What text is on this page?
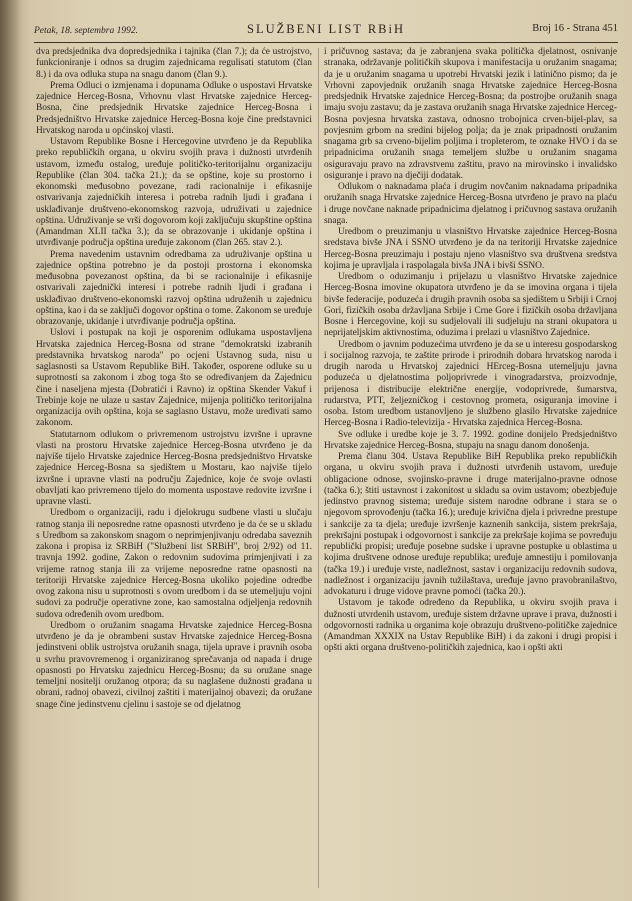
Petak, 18. septembra 1992.	SLUŽBENI LIST RBiH	Broj 16 - Strana 451

dva predsjednika dva dopredsjednika i tajnika (član 7.); da će ustrojstvo, funkcioniranje i odnos sa drugim zajednicama regulisati statutom (član 8.) i da ova odluka stupa na snagu danom (član 9.).

Prema Odluci o izmjenama i dopunama Odluke o uspostavi Hrvatske zajednice Herceg-Bosna, Vrhovnu vlast Hrvatske zajednice Herceg-Bosna, čine predsjednik Hrvatske zajednice Herceg-Bosna i Predsjedništvo Hrvatske zajednice Herceg-Bosna koje čine predstavnici Hrvatskog naroda u općinskoj vlasti.

Ustavom Republike Bosne i Hercegovine utvrđeno je da Republika preko republičkih organa, u okviru svojih prava i dužnosti utvrđenih ustavom, između ostalog, uređuje političko-teritorijalnu organizaciju Republike (član 304. tačka 21.); da se opštine, koje su prostorno i ekonomski međusobno povezane, radi racionalnije i efikasnije ostvarivanja zajedničkih interesa i potreba radnih ljudi i građana i usklađivanje društveno-ekonomskog razvoja, udruživati u zajednice opština. Udruživanje se vrši dogovorom koji zaključuju skupštine opština (Amandman XLII tačka 3.); da se obrazovanje i ukidanje opština i utvrđivanje područja opština uređuje zakonom (član 265. stav 2.).

Prema navedenim ustavnim odredbama za udruživanje opština u zajednice opština potrebno je da postoji prostorna i ekonomska međusobna povezanost opština, da bi se racionalnije i efikasnije ostvarivali zajednički interesi i potrebe radnih ljudi i građana i usklađivao društveno-ekonomski razvoj opština udruženih u zajednicu opština, kao i da se zaključi dogovor opština o tome. Zakonom se uređuje obrazovanje, ukidanje i utvrđivanje područja opština.

Uslovi i postupak na koji je osporenim odlukama uspostavljena Hrvatska zajednica Herceg-Bosna od strane "demokratski izabranih predstavnika hrvatskog naroda" po ocjeni Ustavnog suda, nisu u saglasnosti sa Ustavom Republike BiH. Također, osporene odluke su u suprotnosti sa zakonom i zbog toga što se određivanjem da Zajednicu čine i naseljena mjesta (Dobratići i Ravno) iz opština Skender Vakuf i Trebinje koje ne ulaze u sastav Zajednice, mijenja političko teritorijalna organizacija ovih opština, koja se saglasno Ustavu, može uređivati samo zakonom.

Statutarnom odlukom o privremenom ustrojstvu izvršne i upravne vlasti na prostoru Hrvatske zajednice Herceg-Bosna utvrđeno je da najviše tijelo Hrvatske zajednice Herceg-Bosna predsjedništvo Hrvatske zajednice Herceg-Bosna sa sjedištem u Mostaru, kao najviše tijelo izvršne i upravne vlasti na području Zajednice, koje će svoje ovlasti obavljati kao privremeno tijelo do momenta uspostave redovite izvršne i upravne vlasti.

Uredbom o organizaciji, radu i djelokrugu sudbene vlasti u slučaju ratnog stanja ili neposredne ratne opasnosti utvrđeno je da će se u skladu s Uredbom sa zakonskom snagom o neprimjenjivanju odredaba saveznih zakona i propisa iz SRBiH ("Službeni list SRBiH", broj 2/92) od 11. travnja 1992. godine, Zakon o redovnim sudovima primjenjivati i za vrijeme ratnog stanja ili za vrijeme neposredne ratne opasnosti na teritoriji Hrvatske zajednice Herceg-Bosna ukoliko pojedine odredbe ovog zakona nisu u suprotnosti s ovom uredbom i da se utemeljuju vojni sudovi za područje operativne zone, kao samostalna odjeljenja redovnih sudova određenih ovom uredbom.

Uredbom o oružanim snagama Hrvatske zajednice Herceg-Bosna utvrđeno je da je obrambeni sustav Hrvatske zajednice Herceg-Bosna jedinstveni oblik ustrojstva oružanih snaga, tijela uprave i pravnih osoba u svrhu pravovremenog i organiziranog sprečavanja od napada i druge opasnosti po Hrvatsku zajednicu Herceg-Bosnu; da su oružane snage temeljni nositelji oružanog otpora; da su naglašene dužnosti građana u obrani, radnoj obavezi, civilnoj zaštiti i materijalnoj obavezi; da oružane snage čine jedinstvenu cjelinu i sastoje se od djelatnog

i pričuvnog sastava; da je zabranjena svaka politička djelatnost, osnivanje stranaka, održavanje političkih skupova i manifestacija u oružanim snagama; da je u oružanim snagama u upotrebi Hrvatski jezik i latinično pismo; da je Vrhovni zapovjednik oružanih snaga Hrvatske zajednice Herceg-Bosna predsjednik Hrvatske zajednice Herceg-Bosna; da postrojbe oružanih snaga imaju svoju zastavu; da je zastava oružanih snaga Hrvatske zajednice Herceg-Bosna povjesna hrvatska zastava, odnosno trobojnica crven-bijel-plav, sa povjesnim grbom na sredini bijelog polja; da je znak pripadnosti oružanim snagama grb sa crveno-bijelim poljima i tropleterom, te oznake HVO i da se pripadnicima oružanih snaga temeljem službe u oružanim snagama osiguravaju pravo na zdravstvenu zaštitu, pravo na mirovinsko i invalidsko osiguranje i pravo na dječiji dodatak.

Odlukom o naknadama plaća i drugim novčanim naknadama pripadnika oružanih snaga Hrvatske zajednice Herceg-Bosna utvrđeno je pravo na plaću i druge novčane naknade pripadnicima djelatnog i pričuvnog sastava oružanih snaga.

Uredbom o preuzimanju u vlasništvo Hrvatske zajednice Herceg-Bosna sredstava bivše JNA i SSNO utvrđeno je da na teritoriji Hrvatske zajednice Herceg-Bosna preuzimaju i postaju njeno vlasništvo sva društvena sredstva kojima je upravljala i raspolagala bivša JNA i bivši SSNO.

Uredbom o oduzimanju i prijelazu u vlasništvo Hrvatske zajednice Herceg-Bosna imovine okupatora utvrđeno je da se imovina organa i tijela bivše federacije, poduzeća i drugih pravnih osoba sa sjedištem u Srbiji i Crnoj Gori, fizičkih osoba državljana Srbije i Crne Gore i fizičkih osoba državljana Bosne i Hercegovine, koji su sudjelovali ili sudjeluju na strani okupatora u neprijateljskim aktivnostima, oduzima i prelazi u vlasništvo Zajednice.

Uredbom o javnim poduzećima utvrđeno je da se u interesu gospodarskog i socijalnog razvoja, te zaštite prirode i prirodnih dobara hrvatskog naroda i drugih naroda u Hrvatskoj zajednici HErceg-Bosna utemeljuju javna poduzeća u djelatnostima poljoprivrede i vinogradarstva, proizvodnje, prijenosa i distribucije električne energije, vodoprivrede, šumarstva, rudarstva, PTT, željezničkog i cestovnog prometa, osiguranja imovine i osoba. Istom uredbom ustanovljeno je službeno glasilo Hrvatske zajednice Herceg-Bosna i Radio-televizija - Hrvatska zajednica Herceg-Bosna.

Sve odluke i uredbe koje je 3. 7. 1992. godine donijelo Predsjedništvo Hrvatske zajednice Herceg-Bosna, stupaju na snagu danom donošenja.

Prema članu 304. Ustava Republike BiH Republika preko republičkih organa, u okviru svojih prava i dužnosti utvrđenih ustavom, uređuje obligacione odnose, svojinsko-pravne i druge materijalno-pravne odnose (tačka 6.); štiti ustavnost i zakonitost u skladu sa ovim ustavom; obezbjeđuje jedinstvo pravnog sistema; uređuje sistem narodne odbrane i stara se o njegovom sprovođenju (tačka 16.); uređuje krivična djela i privredne prestupe i sankcije za ta djela; uređuje izvršenje kaznenih sankcija, sistem prekršaja, prekršajni postupak i odgovornost i sankcije za prekršaje kojima se povređuju republički propisi; uređuje posebne sudske i upravne postupke u oblastima u kojima društvene odnose uređuje republika; uređuje amnestiju i pomilovanja (tačka 19.) i uređuje vrste, nadležnost, sastav i organizaciju redovnih sudova, nadležnost i organizaciju javnih tužilaštava, uređuje javno pravobranilaštvo, advokaturu i druge vidove pravne pomoći (tačka 20.).

Ustavom je takođe određeno da Republika, u okviru svojih prava i dužnosti utvrdenih ustavom, uređuje sistem državne uprave i prava, dužnosti i odgovornosti radnika u organima koje obrazuju društveno-političke zajednice (Amandman XXXIX na Ustav Republike BiH) i da zakoni i drugi propisi i opšti akti organa društveno-političkih zajednica, kao i opšti akti
